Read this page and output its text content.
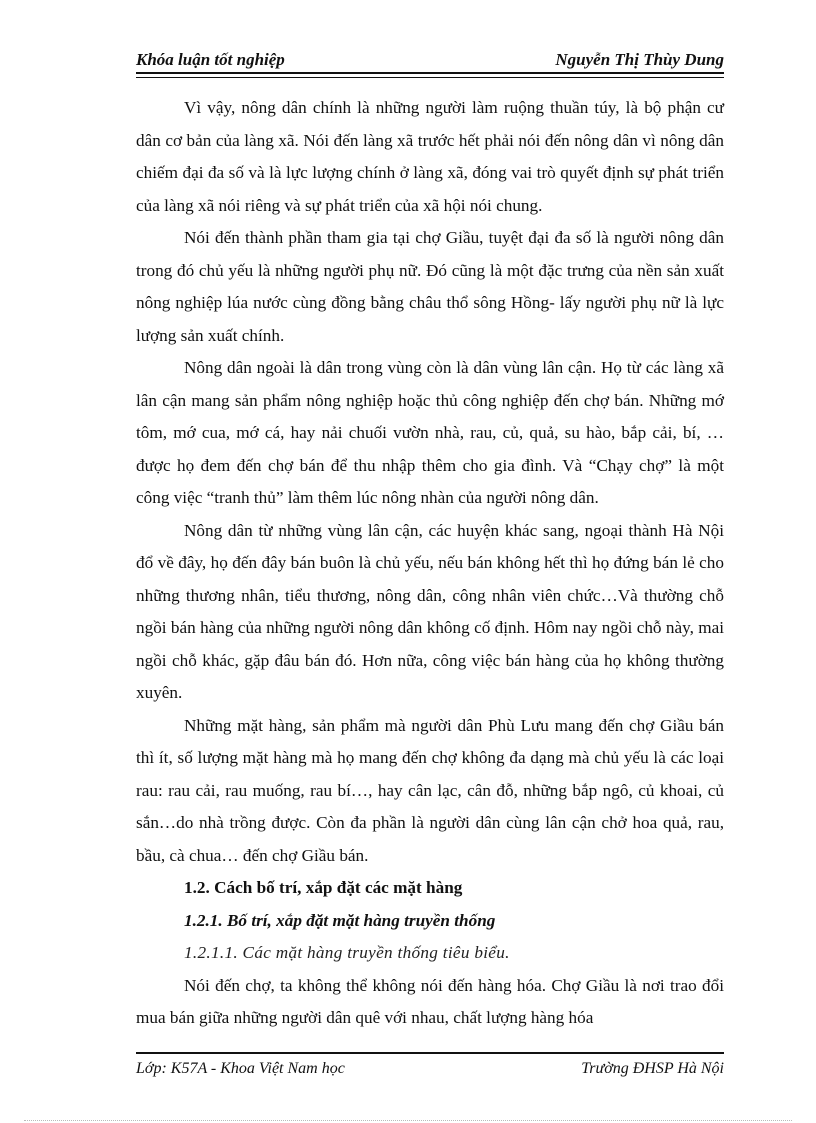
Khóa luận tốt nghiệp	Nguyễn Thị Thùy Dung

Vì vậy, nông dân chính là những người làm ruộng thuần túy, là bộ phận cư dân cơ bản của làng xã. Nói đến làng xã trước hết phải nói đến nông dân vì nông dân chiếm đại đa số và là lực lượng chính ở làng xã, đóng vai trò quyết định sự phát triển của làng xã nói riêng và sự phát triển của xã hội nói chung.

Nói đến thành phần tham gia tại chợ Giầu, tuyệt đại đa số là người nông dân trong đó chủ yếu là những người phụ nữ. Đó cũng là một đặc trưng của nền sản xuất nông nghiệp lúa nước cùng đồng bằng châu thổ sông Hồng- lấy người phụ nữ là lực lượng sản xuất chính.

Nông dân ngoài là dân trong vùng còn là dân vùng lân cận. Họ từ các làng xã lân cận mang sản phẩm nông nghiệp hoặc thủ công nghiệp đến chợ bán. Những mớ tôm, mớ cua, mớ cá, hay nải chuối vườn nhà, rau, củ, quả, su hào, bắp cải, bí, …được họ đem đến chợ bán để thu nhập thêm cho gia đình. Và “Chạy chợ” là một công việc “tranh thủ” làm thêm lúc nông nhàn của người nông dân.

Nông dân từ những vùng lân cận, các huyện khác sang, ngoại thành Hà Nội đổ về đây, họ đến đây bán buôn là chủ yếu, nếu bán không hết thì họ đứng bán lẻ cho những thương nhân, tiểu thương, nông dân, công nhân viên chức…Và thường chỗ ngồi bán hàng của những người nông dân không cố định. Hôm nay ngồi chỗ này, mai ngồi chỗ khác, gặp đâu bán đó. Hơn nữa, công việc bán hàng của họ không thường xuyên.

Những mặt hàng, sản phẩm mà người dân Phù Lưu mang đến chợ Giầu bán thì ít, số lượng mặt hàng mà họ mang đến chợ không đa dạng mà chủ yếu là các loại rau: rau cải, rau muống, rau bí…, hay cân lạc, cân đỗ, những bắp ngô, củ khoai, củ sắn…do nhà trồng được. Còn đa phần là người dân cùng lân cận chở hoa quả, rau, bầu, cà chua… đến chợ Giầu bán.

1.2. Cách bố trí, xắp đặt các mặt hàng
1.2.1. Bố trí, xắp đặt mặt hàng truyền thống
1.2.1.1. Các mặt hàng truyền thống tiêu biểu.

Nói đến chợ, ta không thể không nói đến hàng hóa. Chợ Giầu là nơi trao đổi mua bán giữa những người dân quê với nhau, chất lượng hàng hóa

Lớp: K57A - Khoa Việt Nam học	Trường ĐHSP Hà Nội
